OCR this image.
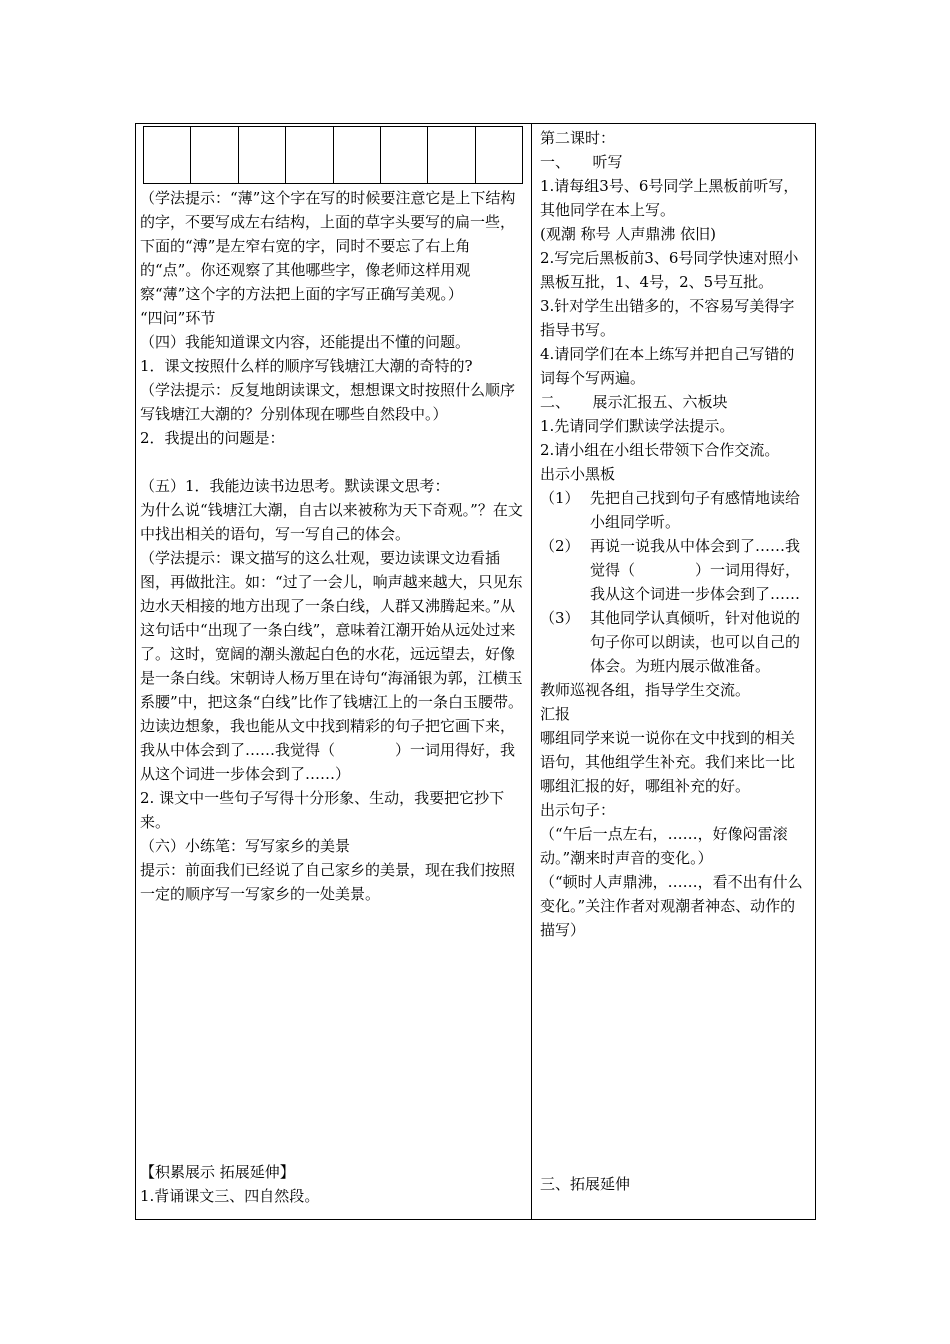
（学法提示：“薄”这个字在写的时候要注意它是上下结构的字，不要写成左右结构，上面的草字头要写的扁一些，下面的“溥”是左窄右宽的字，同时不要忘了右上角的“点”。你还观察了其他哪些字，像老师这样用观察“薄”这个字的方法把上面的字写正确写美观。）

“四问”环节

（四）我能知道课文内容，还能提出不懂的问题。

1．课文按照什么样的顺序写钱塘江大潮的奇特的?

（学法提示：反复地朗读课文，想想课文时按照什么顺序写钱塘江大潮的？分别体现在哪些自然段中。）

2．我提出的问题是：

（五）1．我能边读书边思考。默读课文思考：

为什么说“钱塘江大潮，自古以来被称为天下奇观。”？在文中找出相关的语句，写一写自己的体会。

（学法提示：课文描写的这么壮观，要边读课文边看插图，再做批注。如：“过了一会儿，响声越来越大，只见东边水天相接的地方出现了一条白线，人群又沸腾起来。”从这句话中“出现了一条白线”，意味着江潮开始从远处过来了。这时，宽阔的潮头激起白色的水花，远远望去，好像是一条白线。宋朝诗人杨万里在诗句“海涌银为郭，江横玉系腰”中，把这条“白线”比作了钱塘江上的一条白玉腰带。

边读边想象，我也能从文中找到精彩的句子把它画下来，我从中体会到了……我觉得（　　　　）一词用得好，我从这个词进一步体会到了……）

2. 课文中一些句子写得十分形象、生动，我要把它抄下来。

（六）小练笔：写写家乡的美景

提示：前面我们已经说了自己家乡的美景，现在我们按照一定的顺序写一写家乡的一处美景。

【积累展示 拓展延伸】

1.背诵课文三、四自然段。

第二课时：

一、　　听写

1.请每组3号、6号同学上黑板前听写，其他同学在本上写。

(观潮 称号 人声鼎沸 依旧)

2.写完后黑板前3、6号同学快速对照小黑板互批，1、4号，2、5号互批。

3.针对学生出错多的，不容易写美得字指导书写。

4.请同学们在本上练写并把自己写错的词每个写两遍。

二、　　展示汇报五、六板块

1.先请同学们默读学法提示。

2.请小组在小组长带领下合作交流。

出示小黑板

（1） 先把自己找到句子有感情地读给小组同学听。
（2） 再说一说我从中体会到了……我觉得（　　　　）一词用得好，我从这个词进一步体会到了……
（3） 其他同学认真倾听，针对他说的句子你可以朗读，也可以自己的体会。为班内展示做准备。

教师巡视各组，指导学生交流。

汇报

哪组同学来说一说你在文中找到的相关语句，其他组学生补充。我们来比一比哪组汇报的好，哪组补充的好。

出示句子：

（“午后一点左右，……，好像闷雷滚动。”潮来时声音的变化。）

（“顿时人声鼎沸，……，看不出有什么变化。”关注作者对观潮者神态、动作的描写）

三、拓展延伸
